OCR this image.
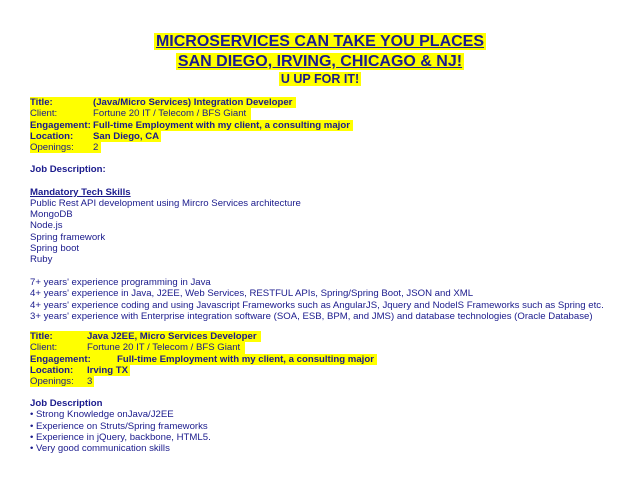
MICROSERVICES CAN TAKE YOU PLACES
SAN DIEGO, IRVING, CHICAGO & NJ!
U UP FOR IT!
Title:	(Java/Micro Services) Integration Developer
Client:	Fortune 20 IT / Telecom / BFS Giant
Engagement: Full-time Employment with my client, a consulting major
Location: San Diego, CA
Openings: 2
Job Description:
Mandatory Tech Skills
Public Rest API development using Mircro Services architecture
MongoDB
Node.js
Spring framework
Spring boot
Ruby
7+ years' experience programming in Java
4+ years' experience in Java, J2EE, Web Services, RESTFUL APIs, Spring/Spring Boot, JSON and XML
4+ years' experience coding and using Javascript Frameworks such as AngularJS, Jquery and NodelS Frameworks such as Spring etc.
3+ years' experience with Enterprise integration software (SOA, ESB, BPM, and JMS) and database technologies (Oracle Database)
Title:	Java J2EE, Micro Services Developer
Client:	Fortune 20 IT / Telecom / BFS Giant
Engagement:	Full-time Employment with my client, a consulting major
Location: Irving TX
Openings: 3
Job Description
• Strong Knowledge onJava/J2EE
• Experience on Struts/Spring frameworks
• Experience in jQuery, backbone, HTML5.
• Very good communication skills
